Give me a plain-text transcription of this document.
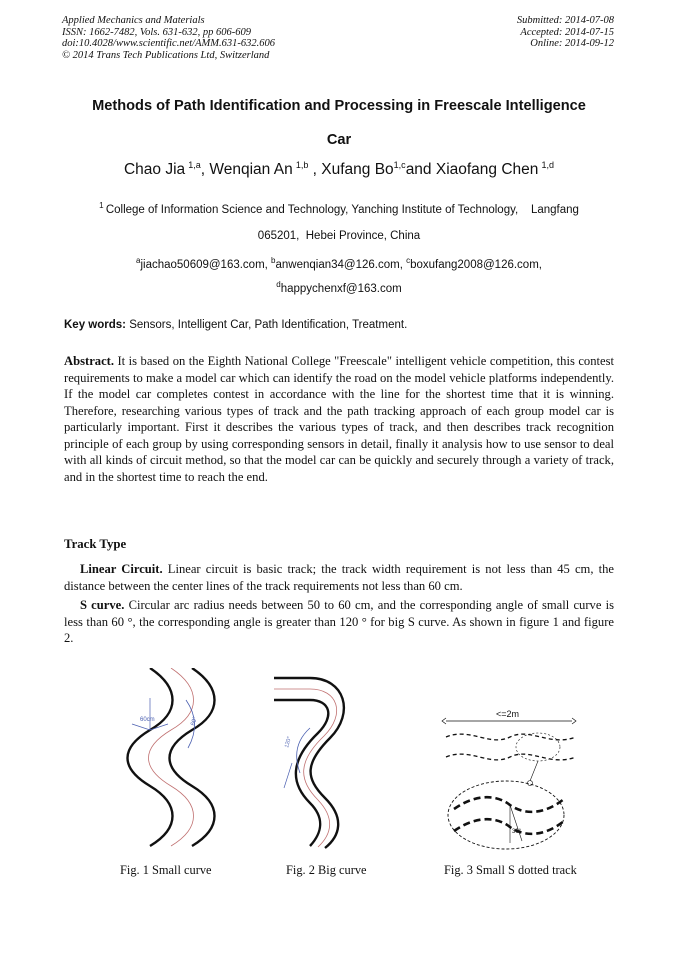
Applied Mechanics and Materials
ISSN: 1662-7482, Vols. 631-632, pp 606-609
doi:10.4028/www.scientific.net/AMM.631-632.606
© 2014 Trans Tech Publications Ltd, Switzerland
Submitted: 2014-07-08
Accepted: 2014-07-15
Online: 2014-09-12
Methods of Path Identification and Processing in Freescale Intelligence
Car
Chao Jia  $^{1,a}$, Wenqian An  $^{1,b}$ , Xufang Bo$^{1,c}$and Xiaofang Chen  $^{1,d}$
$^1$  College of Information Science and Technology, Yanching Institute of Technology,    Langfang
065201,  Hebei Province, China
$^a$jiachao50609@163.com, $^b$anwenqian34@126.com, $^c$boxufang2008@126.com,
$^d$happychenxf@163.com
Key words: Sensors, Intelligent Car, Path Identification, Treatment.
Abstract. It is based on the Eighth National College "Freescale" intelligent vehicle competition, this contest requirements to make a model car which can identify the road on the model vehicle platforms independently. If the model car completes contest in accordance with the line for the shortest time that it is winning. Therefore, researching various types of track and the path tracking approach of each group model car is particularly important. First it describes the various types of track, and then describes track recognition principle of each group by using corresponding sensors in detail, finally it analysis how to use sensor to deal with all kinds of circuit method, so that the model car can be quickly and securely through a variety of track, and in the shortest time to reach the end.
Track Type
Linear Circuit. Linear circuit is basic track; the track width requirement is not less than 45 cm, the distance between the center lines of the track requirements not less than 60 cm.
S curve. Circular arc radius needs between 50 to 60 cm, and the corresponding angle of small curve is less than 60 °, the corresponding angle is greater than 120 ° for big S curve. As shown in figure 1 and figure 2.
60cm	60°
120°
<=2m
30°
Fig. 1 Small curve	Fig. 2 Big curve	Fig. 3 Small S dotted track
